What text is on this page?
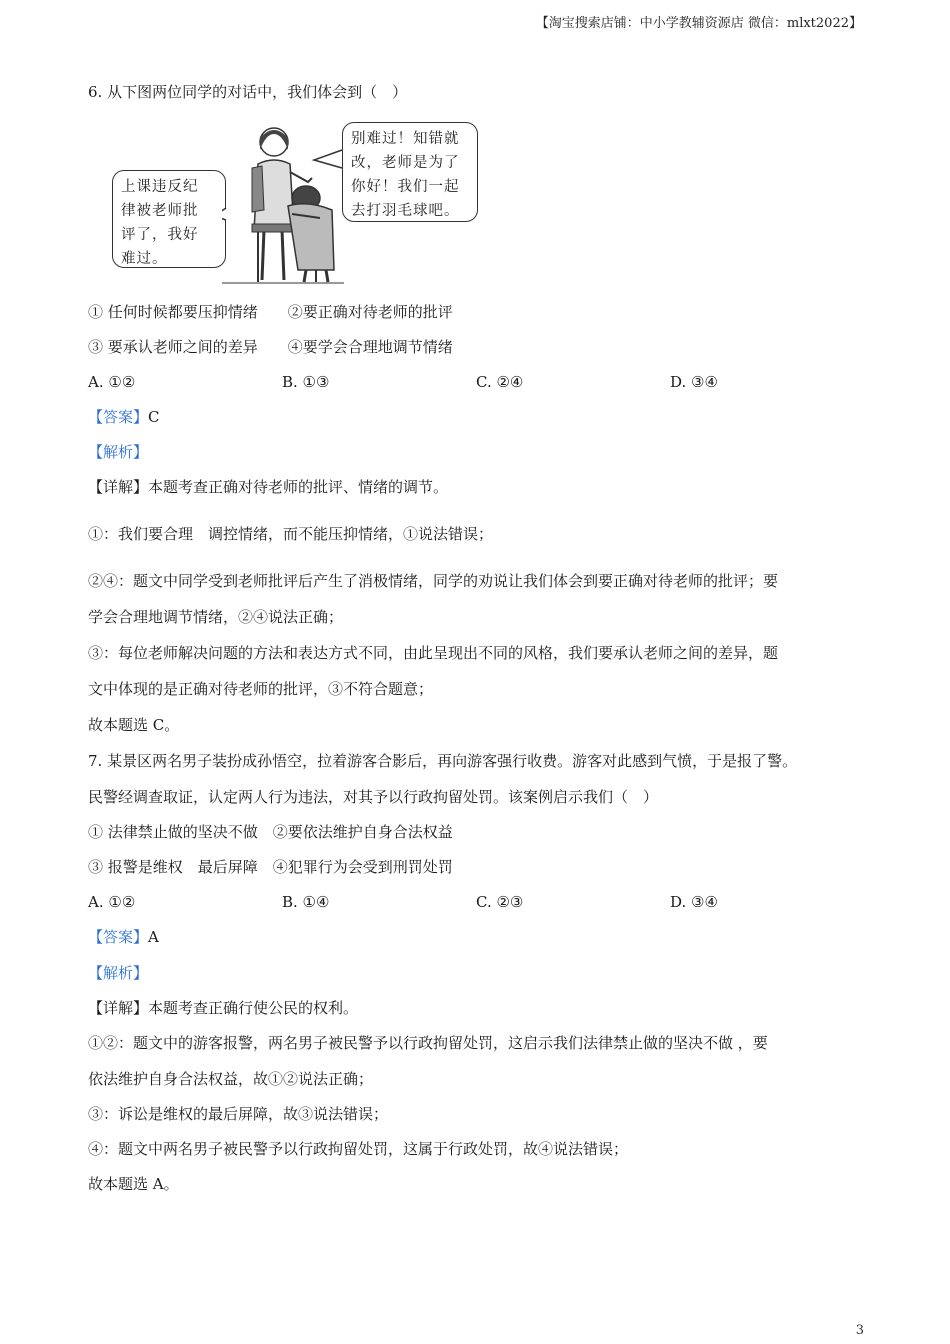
【淘宝搜索店铺：中小学教辅资源店 微信：mlxt2022】
6. 从下图两位同学的对话中，我们体会到（　）
上课违反纪
律被老师批
评了，我好
难过。
别难过！知错就
改，老师是为了
你好！我们一起
去打羽毛球吧。
① 任何时候都要压抑情绪　　②要正确对待老师的批评
③ 要承认老师之间的差异　　④要学会合理地调节情绪
A. ①②	B. ①③	C. ②④	D. ③④
【答案】C
【解析】
【详解】本题考查正确对待老师的批评、情绪的调节。
①：我们要合理　调控情绪，而不能压抑情绪，①说法错误；
②④：题文中同学受到老师批评后产生了消极情绪，同学的劝说让我们体会到要正确对待老师的批评；要
学会合理地调节情绪，②④说法正确；
③：每位老师解决问题的方法和表达方式不同，由此呈现出不同的风格，我们要承认老师之间的差异，题
文中体现的是正确对待老师的批评，③不符合题意；
故本题选 C。
7. 某景区两名男子装扮成孙悟空，拉着游客合影后，再向游客强行收费。游客对此感到气愤，于是报了警。
民警经调查取证，认定两人行为违法，对其予以行政拘留处罚。该案例启示我们（　）
① 法律禁止做的坚决不做　②要依法维护自身合法权益
③ 报警是维权　最后屏障　④犯罪行为会受到刑罚处罚
A. ①②	B. ①④	C. ②③	D. ③④
【答案】A
【解析】
【详解】本题考查正确行使公民的权利。
①②：题文中的游客报警，两名男子被民警予以行政拘留处罚，这启示我们法律禁止做的坚决不做 ，要
依法维护自身合法权益，故①②说法正确；
③：诉讼是维权的最后屏障，故③说法错误；
④：题文中两名男子被民警予以行政拘留处罚，这属于行政处罚，故④说法错误；
故本题选 A。
3
